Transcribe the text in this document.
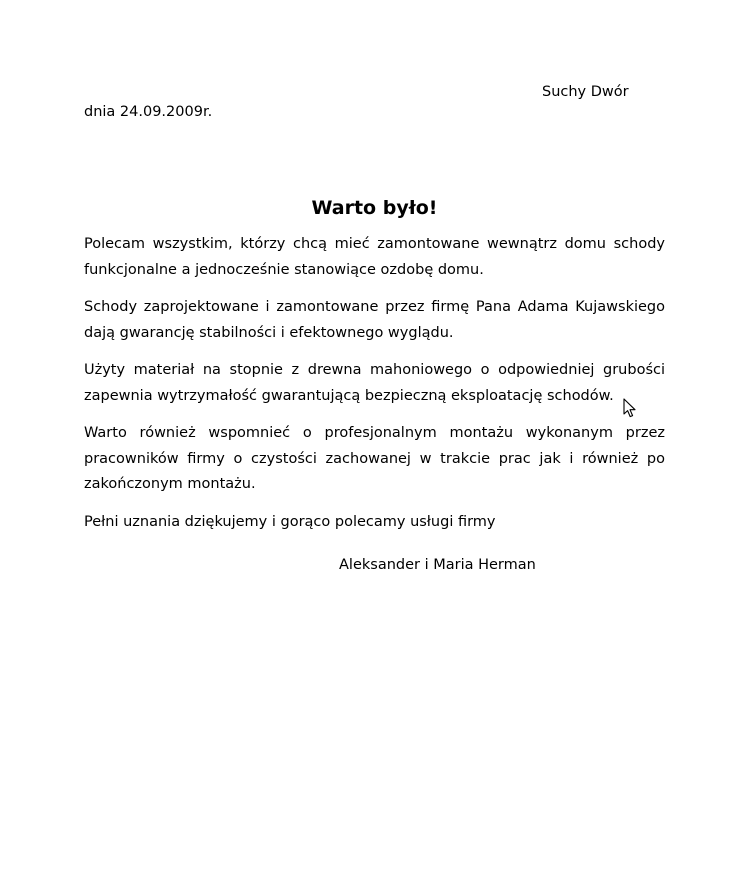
Suchy Dwór
dnia 24.09.2009r.
Warto było!

Polecam wszystkim, którzy chcą mieć zamontowane wewnątrz domu schody funkcjonalne a jednocześnie stanowiące ozdobę domu.

Schody zaprojektowane i zamontowane przez firmę Pana Adama Kujawskiego dają gwarancję stabilności i efektownego wyglądu.

Użyty materiał na stopnie z drewna mahoniowego o odpowiedniej grubości zapewnia wytrzymałość gwarantującą bezpieczną eksploatację schodów.

Warto również wspomnieć o profesjonalnym montażu wykonanym przez pracowników firmy o czystości zachowanej w trakcie prac jak i również po zakończonym montażu.

Pełni uznania dziękujemy i gorąco polecamy usługi firmy

Aleksander i Maria Herman
